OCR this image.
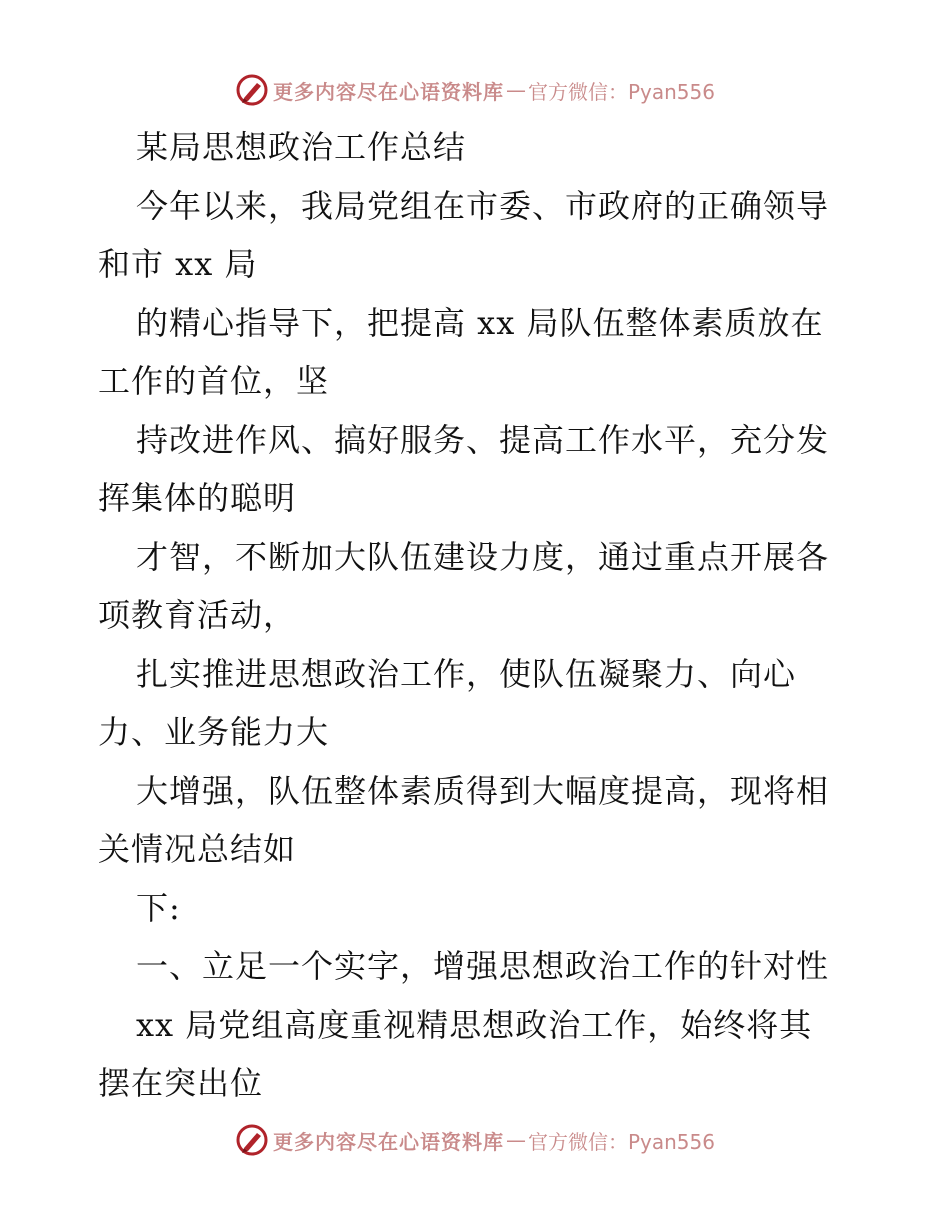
更多内容尽在心语资料库 — 官方微信：Pyan556
某局思想政治工作总结
今年以来，我局党组在市委、市政府的正确领导
和市 xx 局
的精心指导下，把提高 xx 局队伍整体素质放在
工作的首位，坚
持改进作风、搞好服务、提高工作水平，充分发
挥集体的聪明
才智，不断加大队伍建设力度，通过重点开展各
项教育活动，
扎实推进思想政治工作，使队伍凝聚力、向心
力、业务能力大
大增强，队伍整体素质得到大幅度提高，现将相
关情况总结如
下:
一、立足一个实字，增强思想政治工作的针对性
xx 局党组高度重视精思想政治工作，始终将其
摆在突出位
更多内容尽在心语资料库 — 官方微信：Pyan556
